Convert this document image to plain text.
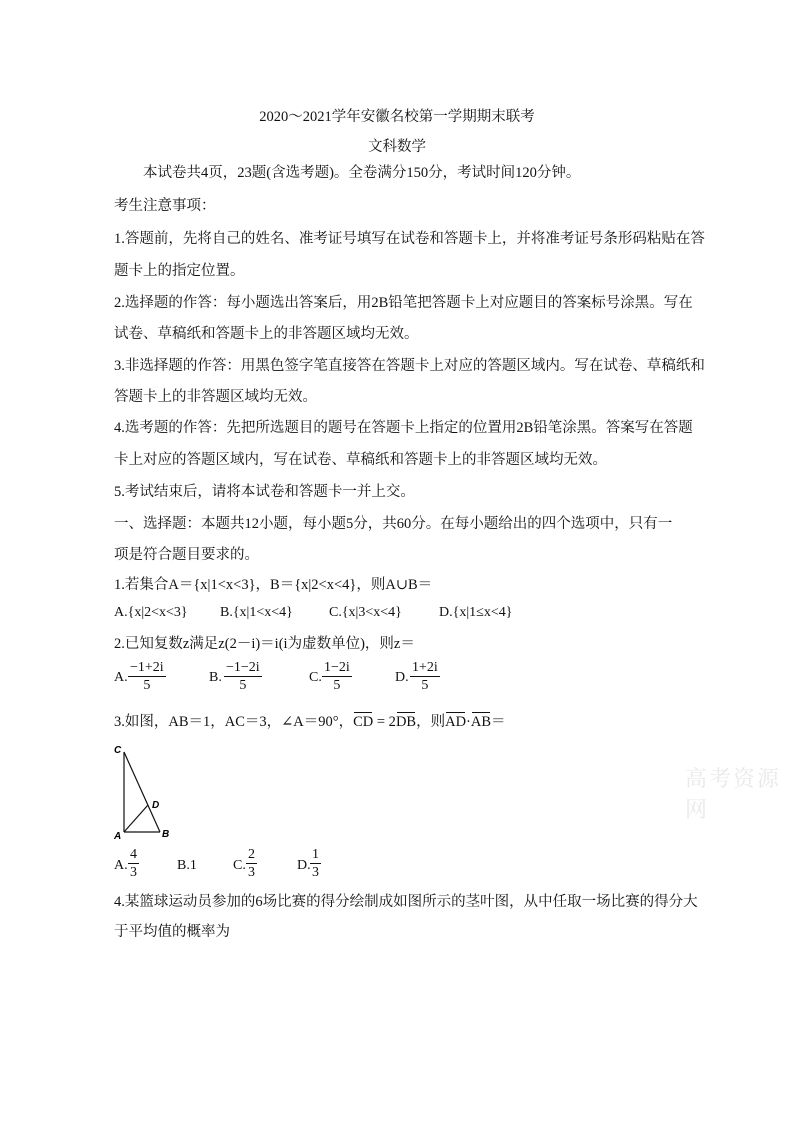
2020～2021学年安徽名校第一学期期末联考
文科数学
本试卷共4页，23题(含选考题)。全卷满分150分，考试时间120分钟。
考生注意事项：
1.答题前，先将自己的姓名、准考证号填写在试卷和答题卡上，并将准考证号条形码粘贴在答
题卡上的指定位置。
2.选择题的作答：每小题选出答案后，用2B铅笔把答题卡上对应题目的答案标号涂黑。写在
试卷、草稿纸和答题卡上的非答题区域均无效。
3.非选择题的作答：用黑色签字笔直接答在答题卡上对应的答题区域内。写在试卷、草稿纸和
答题卡上的非答题区域均无效。
4.选考题的作答：先把所选题目的题号在答题卡上指定的位置用2B铅笔涂黑。答案写在答题
卡上对应的答题区域内，写在试卷、草稿纸和答题卡上的非答题区域均无效。
5.考试结束后，请将本试卷和答题卡一并上交。
一、选择题：本题共12小题，每小题5分，共60分。在每小题给出的四个选项中，只有一
项是符合题目要求的。
1.若集合A＝{x|1<x<3}，B＝{x|2<x<4}，则A∪B＝
A.{x|2<x<3} B.{x|1<x<4}	C.{x|3<x<4}	D.{x|1≤x<4}
2.已知复数z满足z(2－i)＝i(i为虚数单位)，则z＝
A. $\frac{-1+2i}{5}$	B. $\frac{-1-2i}{5}$	C. $\frac{1-2i}{5}$	D. $\frac{1+2i}{5}$
3.如图，AB＝1，AC＝3，∠A＝90°，CD = 2DB，则AD·AB＝
C
D
A	B
A. $\frac{4}{3}$	B.1	C. $\frac{2}{3}$	D. $\frac{1}{3}$
4.某篮球运动员参加的6场比赛的得分绘制成如图所示的茎叶图，从中任取一场比赛的得分大
于平均值的概率为
高考资源网
